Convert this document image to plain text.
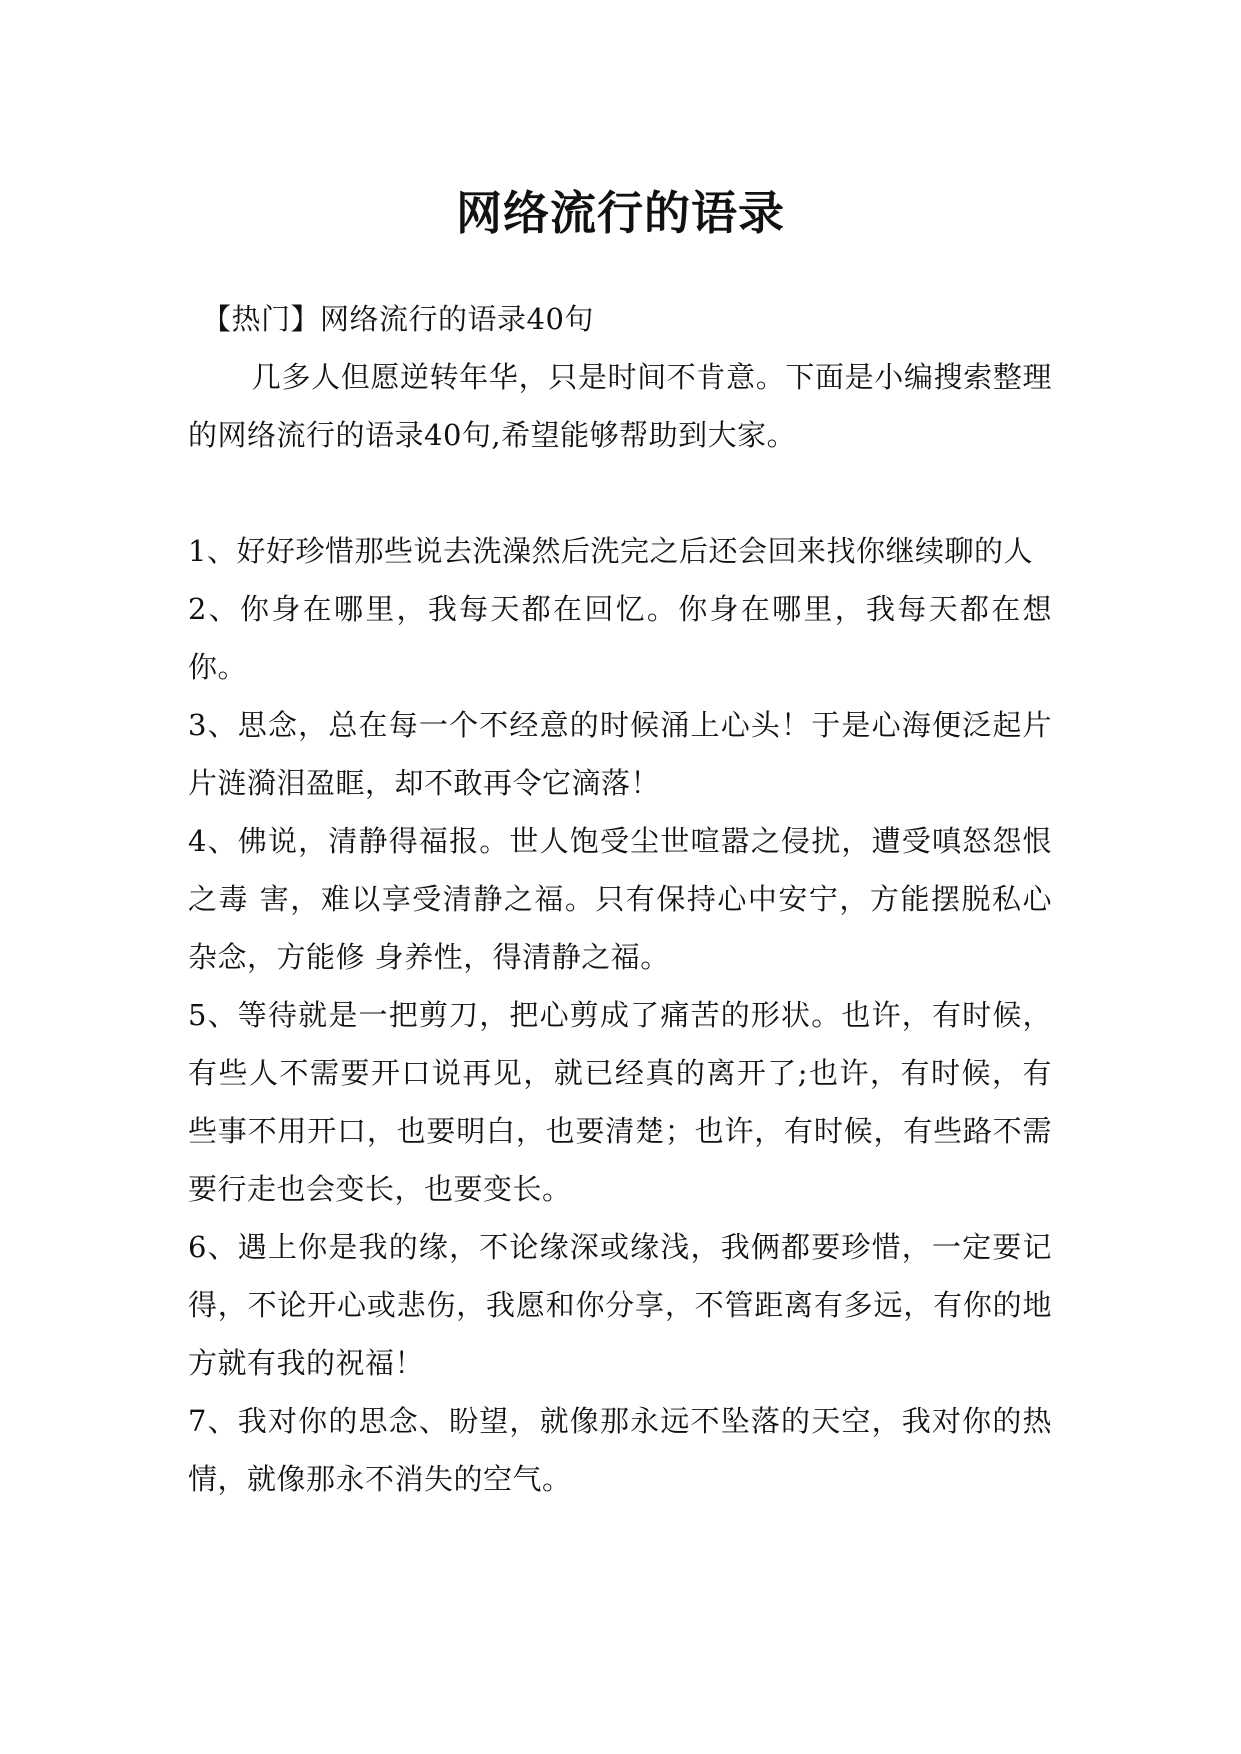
网络流行的语录

【热门】网络流行的语录40句

几多人但愿逆转年华，只是时间不肯意。下面是小编搜索整理的网络流行的语录40句,希望能够帮助到大家。

1、好好珍惜那些说去洗澡然后洗完之后还会回来找你继续聊的人

2、你身在哪里，我每天都在回忆。你身在哪里，我每天都在想你。

3、思念，总在每一个不经意的时候涌上心头！于是心海便泛起片片涟漪泪盈眶，却不敢再令它滴落！

4、佛说，清静得福报。世人饱受尘世喧嚣之侵扰，遭受嗔怒怨恨之毒 害，难以享受清静之福。只有保持心中安宁，方能摆脱私心杂念，方能修 身养性，得清静之福。

5、等待就是一把剪刀，把心剪成了痛苦的形状。也许，有时候，有些人不需要开口说再见，就已经真的离开了;也许，有时候，有些事不用开口，也要明白，也要清楚；也许，有时候，有些路不需要行走也会变长，也要变长。

6、遇上你是我的缘，不论缘深或缘浅，我俩都要珍惜，一定要记得，不论开心或悲伤，我愿和你分享，不管距离有多远，有你的地方就有我的祝福！

7、我对你的思念、盼望，就像那永远不坠落的天空，我对你的热情，就像那永不消失的空气。
